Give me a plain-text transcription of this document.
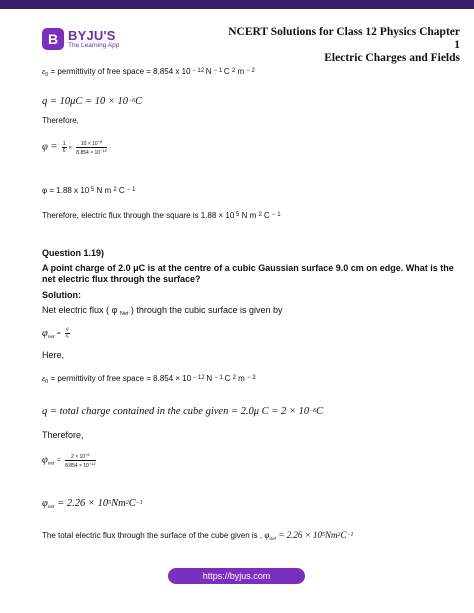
B BYJU'S
The Learning App
NCERT Solutions for Class 12 Physics Chapter 1
Electric Charges and Fields
$\varepsilon_0$ = permittivity of free space = 8.854 x 10 $^{- 12}$ N $^{- 1}$ C $^2$ m $^{- 2}$
q = 10μC = 10 × 10−6C
Therefore,
$\varphi = \frac{1}{6} \times \frac{10 \times 10^{-6}}{8.854 \times 10^{-12}}$
φ = 1.88 x 10 $^5$ N m $^2$ C $^{- 1}$
Therefore, electric flux through the square is 1.88 × 10 $^5$ N m $^2$ C $^{- 1}$
Question 1.19)
A point charge of 2.0 μC is at the centre of a cubic Gaussian surface 9.0 cm on edge. What is the
net electric flux through the surface?
Solution:
Net electric flux ( φ $_{Net}$ ) through the cubic surface is given by
$\varphi_{net} = \frac{q}{\text{ε₀}}$
Here,
$\varepsilon_0$ = permittivity of free space = 8.854 × 10 $^{- 12}$ N $^{- 1}$ C $^2$ m $^{- 2}$
q = total charge contained in the cube given = 2.0μ C = 2 × 10−6C
Therefore,
$\varphi_{net} = \frac{2 \times 10^{-6}}{8.854 \times 10^{-12}}$
$\varphi_{net} = 2.26 \times 105Nm2C-1$
The total electric flux through the surface of the cube given is , $\varphi_{net} = 2.26 \times 10^5Nm^2C^{-1}$
https://byjus.com
